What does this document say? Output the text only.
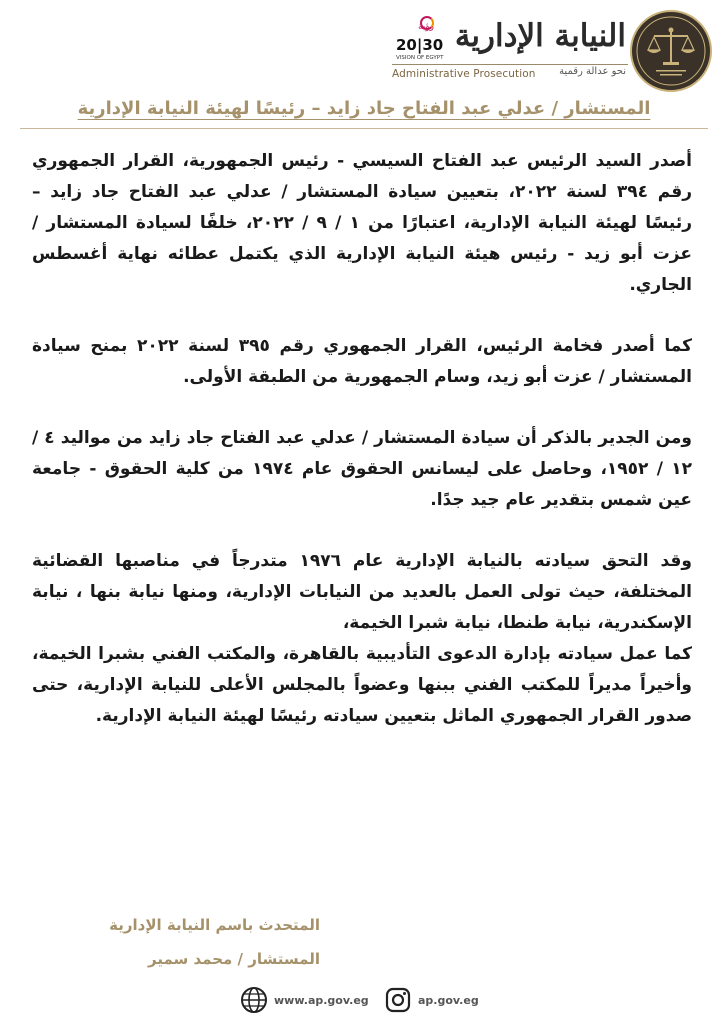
النيابة الإدارية
نحو عدالة رقمية
Administrative Prosecution
رؤية
20|30
VISION OF EGYPT
المستشار / عدلي عبد الفتاح جاد زايد – رئيسًا لهيئة النيابة الإدارية

أصدر السيد الرئيس عبد الفتاح السيسي - رئيس الجمهورية، القرار الجمهوري رقم ٣٩٤ لسنة ٢٠٢٢، بتعيين سيادة المستشار / عدلي عبد الفتاح جاد زايد – رئيسًا لهيئة النيابة الإدارية، اعتبارًا من ١ / ٩ / ٢٠٢٢، خلفًا لسيادة المستشار / عزت أبو زيد - رئيس هيئة النيابة الإدارية الذي يكتمل عطائه نهاية أغسطس الجاري.

كما أصدر فخامة الرئيس، القرار الجمهوري رقم ٣٩٥ لسنة ٢٠٢٢ بمنح سيادة المستشار / عزت أبو زيد، وسام الجمهورية من الطبقة الأولى.

ومن الجدير بالذكر أن سيادة المستشار / عدلي عبد الفتاح جاد زايد من مواليد ٤ / ١٢ / ١٩٥٢، وحاصل على ليسانس الحقوق عام ١٩٧٤ من كلية الحقوق - جامعة عين شمس بتقدير عام جيد جدًا.

وقد التحق سيادته بالنيابة الإدارية عام ١٩٧٦ متدرجاً في مناصبها القضائية المختلفة، حيث تولى العمل بالعديد من النيابات الإدارية، ومنها نيابة بنها ، نيابة الإسكندرية، نيابة طنطا، نيابة شبرا الخيمة،

كما عمل سيادته بإدارة الدعوى التأديبية بالقاهرة، والمكتب الفني بشبرا الخيمة، وأخيراً مديراً للمكتب الفني ببنها وعضواً بالمجلس الأعلى للنيابة الإدارية، حتى صدور القرار الجمهوري الماثل بتعيين سيادته رئيسًا لهيئة النيابة الإدارية.

المتحدث باسم النيابة الإدارية
المستشار / محمد سمير
www.ap.gov.eg	ap.gov.eg
